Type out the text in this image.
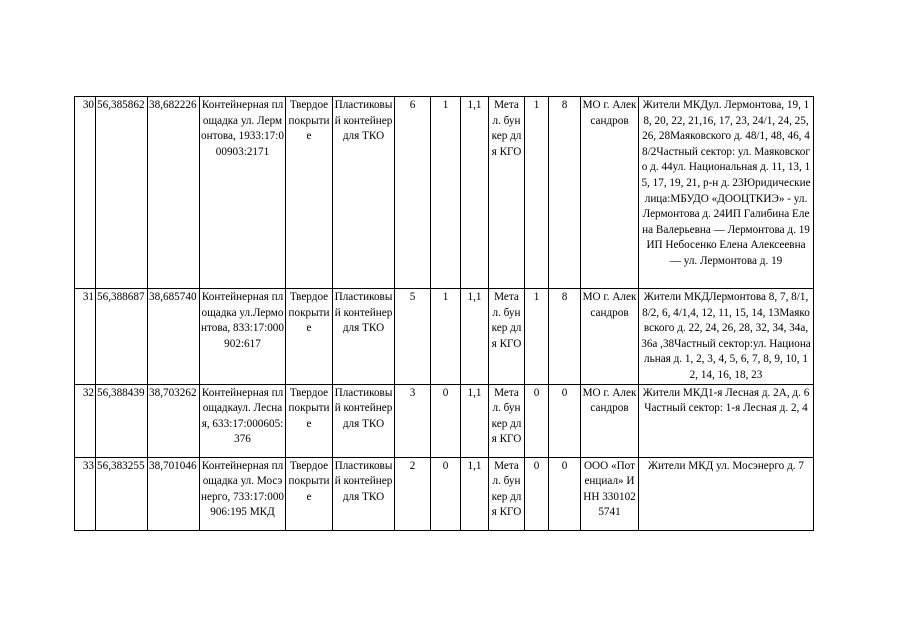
30	56,385862	38,682226	Контейнерная площадка ул. Лермонтова, 1933:17:000903:2171	Твердое покрытие	Пластиковый контейнер для ТКО	6	1	1,1	Метал. бункер для КГО	1	8	МО г. Александров	Жители МКДул. Лермонтова, 19, 18, 20, 22, 21,16, 17, 23, 24/1, 24, 25, 26, 28Маяковского д. 48/1, 48, 46, 48/2Частный сектор: ул. Маяковского д. 44ул. Национальная д. 11, 13, 15, 17, 19, 21, р-н д. 23Юридические лица:МБУДО «ДООЦТКИЭ» - ул. Лермонтова д. 24ИП Галибина Елена Валерьевна — Лермонтова д. 19ИП Небосенко Елена Алексеевна — ул. Лермонтова д. 19
31	56,388687	38,685740	Контейнерная площадка ул.Лермонтова, 833:17:000902:617	Твердое покрытие	Пластиковый контейнер для ТКО	5	1	1,1	Метал. бункер для КГО	1	8	МО г. Александров	Жители МКДЛермонтова 8, 7, 8/1, 8/2, 6, 4/1,4, 12, 11, 15, 14, 13Маяковского д. 22, 24, 26, 28, 32, 34, 34а, 36а ,38Частный сектор:ул. Национальная д. 1, 2, 3, 4, 5, 6, 7, 8, 9, 10, 12, 14, 16, 18, 23
32	56,388439	38,703262	Контейнерная площадкаул. Лесная, 633:17:000605:376	Твердое покрытие	Пластиковый контейнер для ТКО	3	0	1,1	Метал. бункер для КГО	0	0	МО г. Александров	Жители МКД1-я Лесная д. 2А, д. 6Частный сектор: 1-я Лесная д. 2, 4
33	56,383255	38,701046	Контейнерная площадка ул. Мосэнерго, 733:17:000906:195 МКД	Твердое покрытие	Пластиковый контейнер для ТКО	2	0	1,1	Метал. бункер для КГО	0	0	ООО «Потенциал» ИНН 3301025741	Жители МКД ул. Мосэнерго д. 7
